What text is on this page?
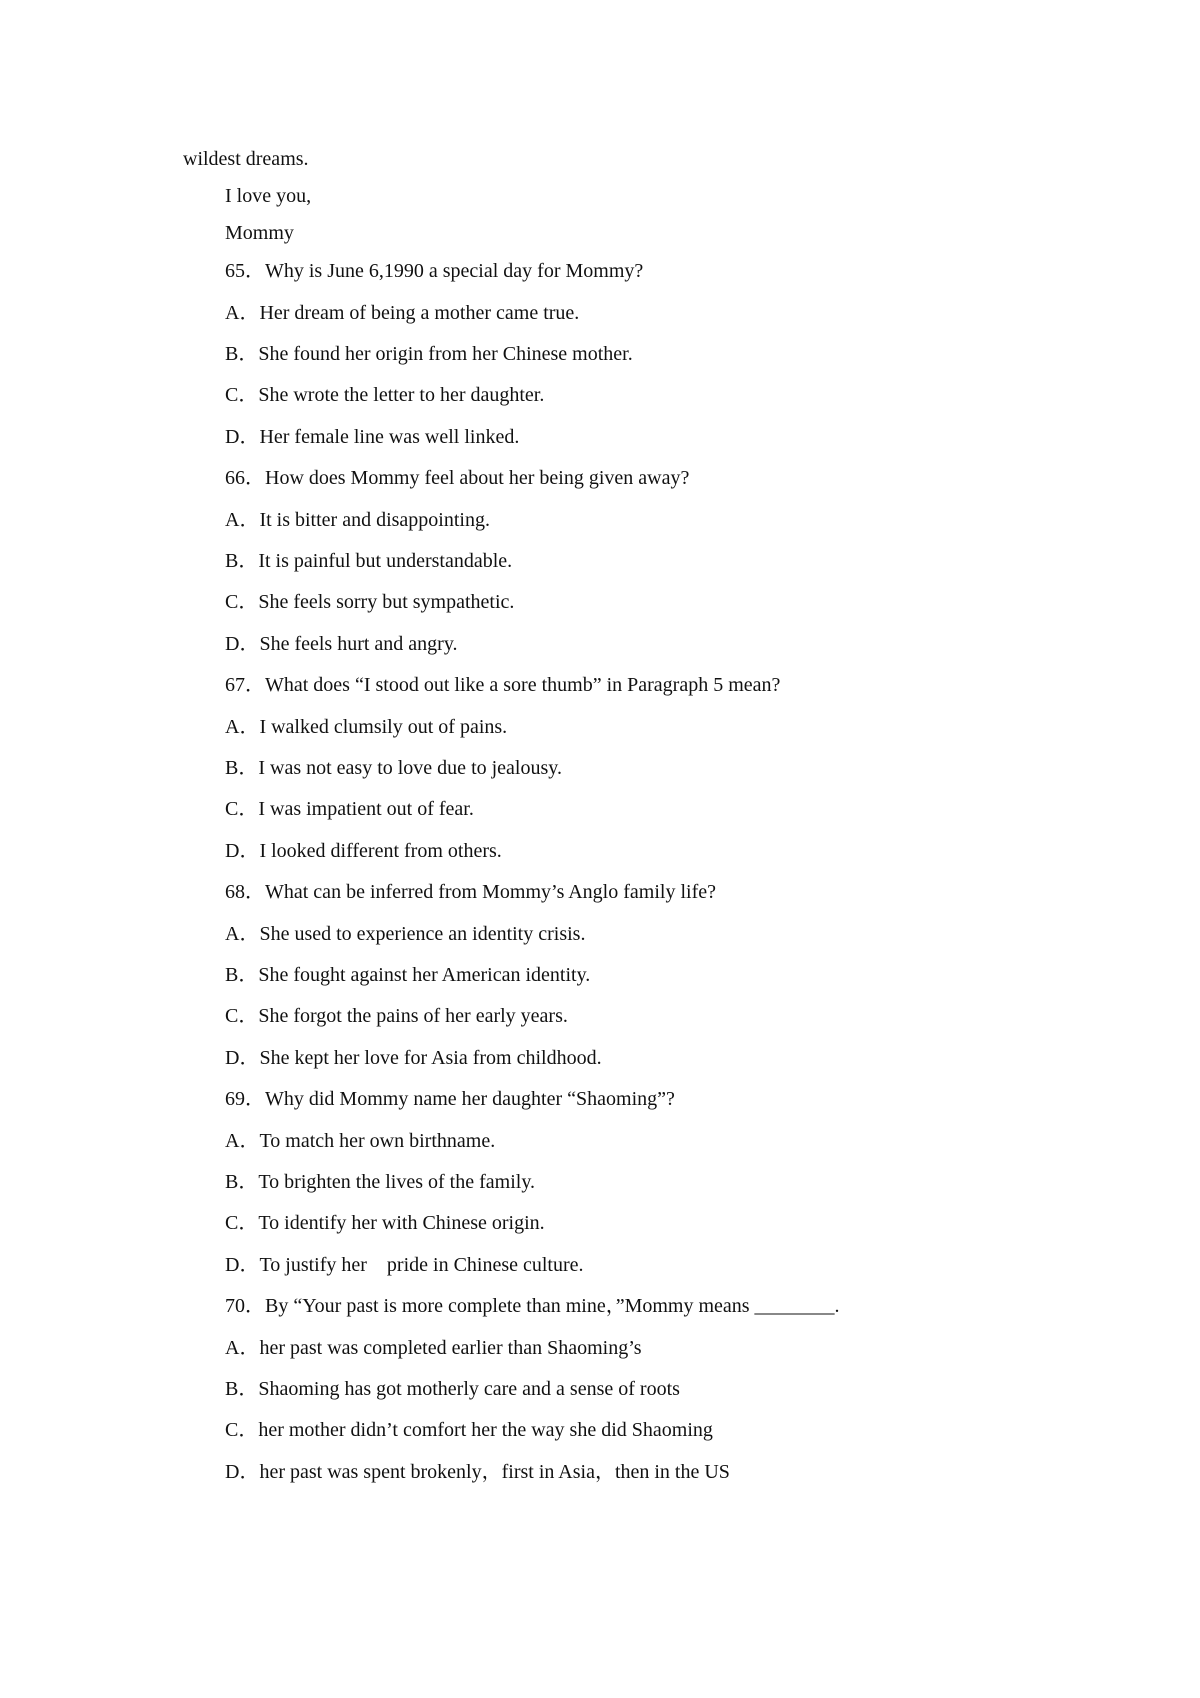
wildest dreams.
I love you,
Mommy
65．Why is June 6,1990 a special day for Mommy?
A．Her dream of being a mother came true.
B．She found her origin from her Chinese mother.
C．She wrote the letter to her daughter.
D．Her female line was well linked.
66．How does Mommy feel about her being given away?
A．It is bitter and disappointing.
B．It is painful but understandable.
C．She feels sorry but sympathetic.
D．She feels hurt and angry.
67．What does “I stood out like a sore thumb” in Paragraph 5 mean?
A．I walked clumsily out of pains.
B．I was not easy to love due to jealousy.
C．I was impatient out of fear.
D．I looked different from others.
68．What can be inferred from Mommy’s Anglo family life?
A．She used to experience an identity crisis.
B．She fought against her American identity.
C．She forgot the pains of her early years.
D．She kept her love for Asia from childhood.
69．Why did Mommy name her daughter “Shaoming”?
A．To match her own birthname.
B．To brighten the lives of the family.
C．To identify her with Chinese origin.
D．To justify her    pride in Chinese culture.
70．By “Your past is more complete than mine，”Mommy means ________.
A．her past was completed earlier than Shaoming’s
B．Shaoming has got motherly care and a sense of roots
C．her mother didn’t comfort her the way she did Shaoming
D．her past was spent brokenly，first in Asia，then in the US
